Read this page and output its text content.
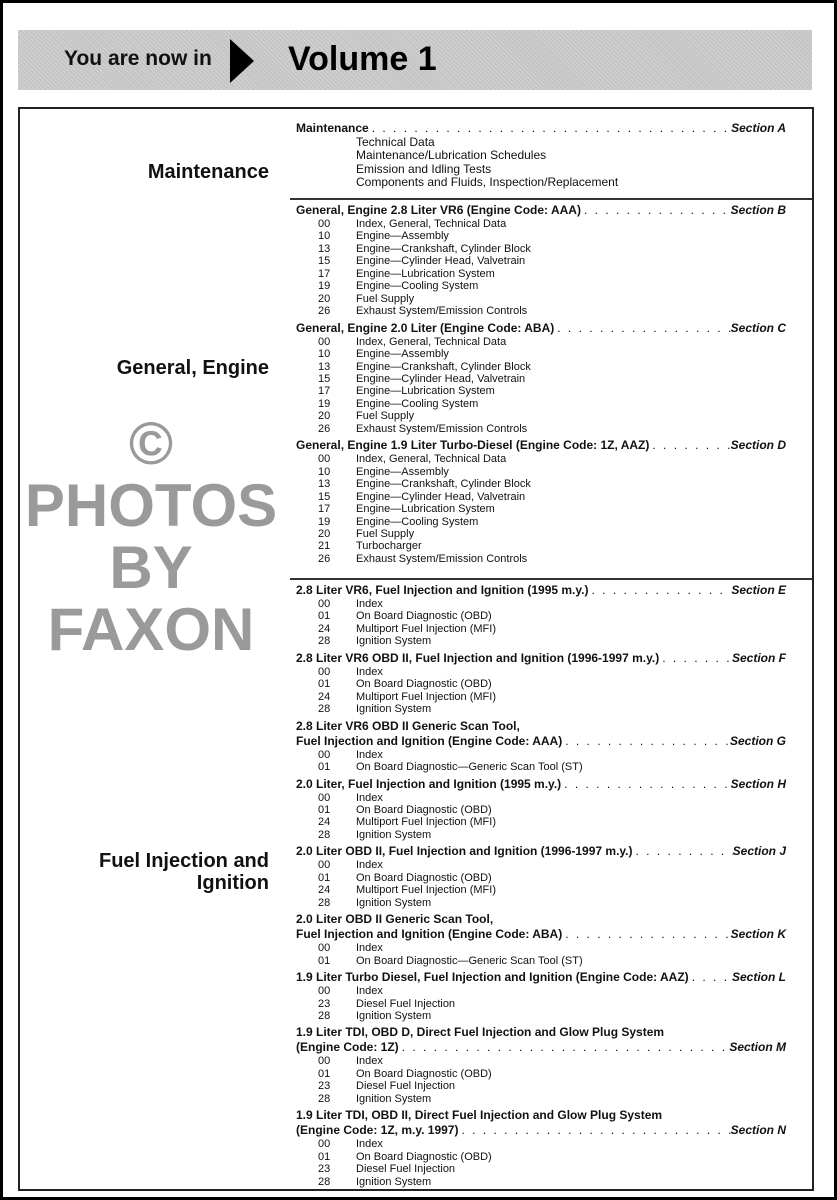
You are now in Volume 1
Maintenance
General, Engine
Fuel Injection and Ignition
Maintenance . . .	Section A
Technical Data
Maintenance/Lubrication Schedules
Emission and Idling Tests
Components and Fluids, Inspection/Replacement
General, Engine 2.8 Liter VR6 (Engine Code: AAA) . . .	Section B
00	Index, General, Technical Data
10	Engine—Assembly
13	Engine—Crankshaft, Cylinder Block
15	Engine—Cylinder Head, Valvetrain
17	Engine—Lubrication System
19	Engine—Cooling System
20	Fuel Supply
26	Exhaust System/Emission Controls
General, Engine 2.0 Liter (Engine Code: ABA) . . .	Section C
00	Index, General, Technical Data
10	Engine—Assembly
13	Engine—Crankshaft, Cylinder Block
15	Engine—Cylinder Head, Valvetrain
17	Engine—Lubrication System
19	Engine—Cooling System
20	Fuel Supply
26	Exhaust System/Emission Controls
General, Engine 1.9 Liter Turbo-Diesel (Engine Code: 1Z, AAZ) . . .	Section D
00	Index, General, Technical Data
10	Engine—Assembly
13	Engine—Crankshaft, Cylinder Block
15	Engine—Cylinder Head, Valvetrain
17	Engine—Lubrication System
19	Engine—Cooling System
20	Fuel Supply
21	Turbocharger
26	Exhaust System/Emission Controls
2.8 Liter VR6, Fuel Injection and Ignition (1995 m.y.) . . .	Section E
00	Index
01	On Board Diagnostic (OBD)
24	Multiport Fuel Injection (MFI)
28	Ignition System
2.8 Liter VR6 OBD II, Fuel Injection and Ignition (1996-1997 m.y.) . . .	Section F
00	Index
01	On Board Diagnostic (OBD)
24	Multiport Fuel Injection (MFI)
28	Ignition System
2.8 Liter VR6 OBD II Generic Scan Tool,
Fuel Injection and Ignition (Engine Code: AAA) . . .	Section G
00	Index
01	On Board Diagnostic—Generic Scan Tool (ST)
2.0 Liter, Fuel Injection and Ignition (1995 m.y.) . . .	Section H
00	Index
01	On Board Diagnostic (OBD)
24	Multiport Fuel Injection (MFI)
28	Ignition System
2.0 Liter OBD II, Fuel Injection and Ignition (1996-1997 m.y.) . . .	Section J
00	Index
01	On Board Diagnostic (OBD)
24	Multiport Fuel Injection (MFI)
28	Ignition System
2.0 Liter OBD II Generic Scan Tool,
Fuel Injection and Ignition (Engine Code: ABA) . . .	Section K
00	Index
01	On Board Diagnostic—Generic Scan Tool (ST)
1.9 Liter Turbo Diesel, Fuel Injection and Ignition (Engine Code: AAZ) . . .	Section L
00	Index
23	Diesel Fuel Injection
28	Ignition System
1.9 Liter TDI, OBD D, Direct Fuel Injection and Glow Plug System
(Engine Code: 1Z) . . .	Section M
00	Index
01	On Board Diagnostic (OBD)
23	Diesel Fuel Injection
28	Ignition System
1.9 Liter TDI, OBD II, Direct Fuel Injection and Glow Plug System
(Engine Code: 1Z, m.y. 1997) . . .	Section N
00	Index
01	On Board Diagnostic (OBD)
23	Diesel Fuel Injection
28	Ignition System
© PHOTOS BY FAXON
